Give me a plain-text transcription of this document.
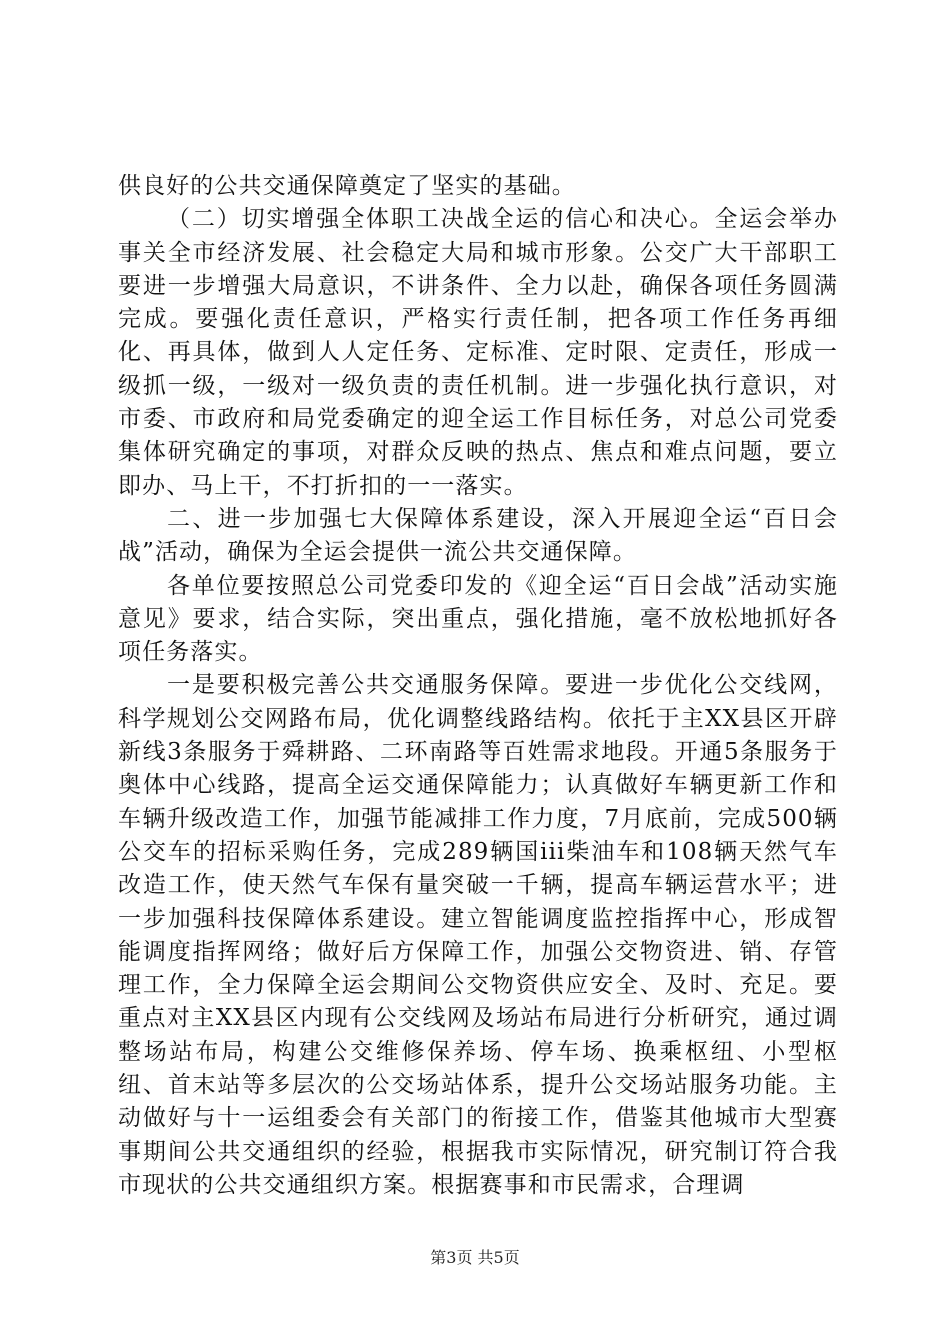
供良好的公共交通保障奠定了坚实的基础。

（二）切实增强全体职工决战全运的信心和决心。全运会举办事关全市经济发展、社会稳定大局和城市形象。公交广大干部职工要进一步增强大局意识，不讲条件、全力以赴，确保各项任务圆满完成。要强化责任意识，严格实行责任制，把各项工作任务再细化、再具体，做到人人定任务、定标准、定时限、定责任，形成一级抓一级，一级对一级负责的责任机制。进一步强化执行意识，对市委、市政府和局党委确定的迎全运工作目标任务，对总公司党委集体研究确定的事项，对群众反映的热点、焦点和难点问题，要立即办、马上干，不打折扣的一一落实。

二、进一步加强七大保障体系建设，深入开展迎全运“百日会战”活动，确保为全运会提供一流公共交通保障。

各单位要按照总公司党委印发的《迎全运“百日会战”活动实施意见》要求，结合实际，突出重点，强化措施，毫不放松地抓好各项任务落实。

一是要积极完善公共交通服务保障。要进一步优化公交线网，科学规划公交网路布局，优化调整线路结构。依托于主XX县区开辟新线3条服务于舜耕路、二环南路等百姓需求地段。开通5条服务于奥体中心线路，提高全运交通保障能力；认真做好车辆更新工作和车辆升级改造工作，加强节能减排工作力度，7月底前，完成500辆公交车的招标采购任务，完成289辆国iii柴油车和108辆天然气车改造工作，使天然气车保有量突破一千辆，提高车辆运营水平；进一步加强科技保障体系建设。建立智能调度监控指挥中心，形成智能调度指挥网络；做好后方保障工作，加强公交物资进、销、存管理工作，全力保障全运会期间公交物资供应安全、及时、充足。要重点对主XX县区内现有公交线网及场站布局进行分析研究，通过调整场站布局，构建公交维修保养场、停车场、换乘枢纽、小型枢纽、首末站等多层次的公交场站体系，提升公交场站服务功能。主动做好与十一运组委会有关部门的衔接工作，借鉴其他城市大型赛事期间公共交通组织的经验，根据我市实际情况，研究制订符合我市现状的公共交通组织方案。根据赛事和市民需求，合理调

第3页 共5页
